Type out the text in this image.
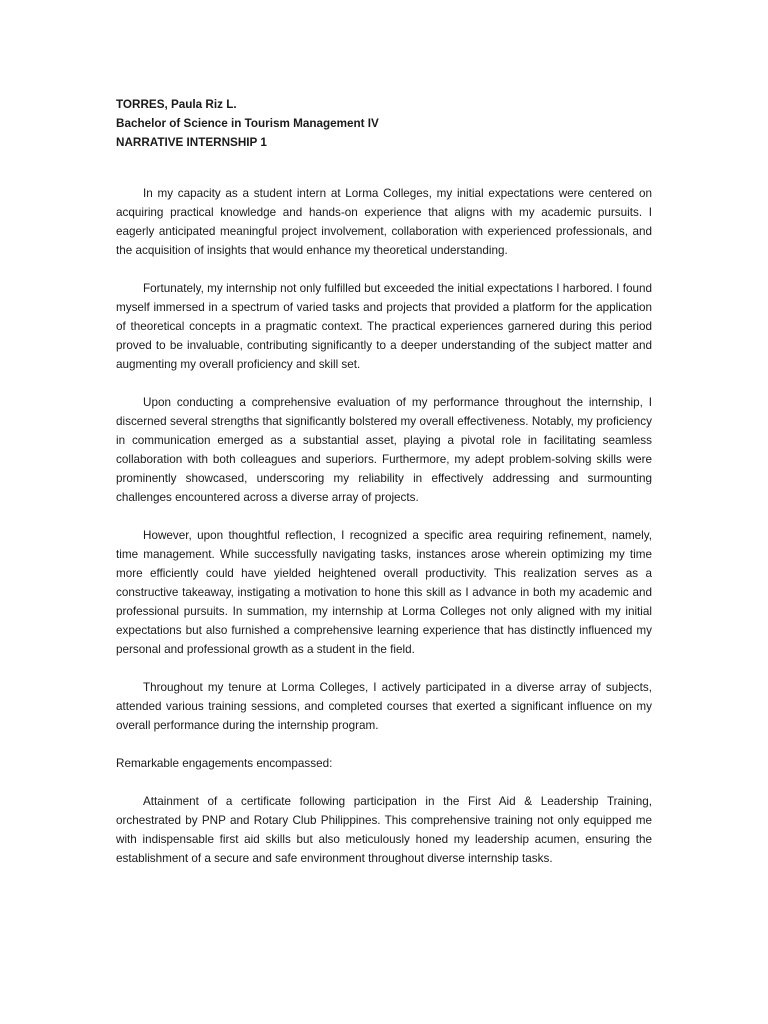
TORRES, Paula Riz L.

Bachelor of Science in Tourism Management IV

NARRATIVE INTERNSHIP 1

In my capacity as a student intern at Lorma Colleges, my initial expectations were centered on acquiring practical knowledge and hands-on experience that aligns with my academic pursuits. I eagerly anticipated meaningful project involvement, collaboration with experienced professionals, and the acquisition of insights that would enhance my theoretical understanding.

Fortunately, my internship not only fulfilled but exceeded the initial expectations I harbored. I found myself immersed in a spectrum of varied tasks and projects that provided a platform for the application of theoretical concepts in a pragmatic context. The practical experiences garnered during this period proved to be invaluable, contributing significantly to a deeper understanding of the subject matter and augmenting my overall proficiency and skill set.

Upon conducting a comprehensive evaluation of my performance throughout the internship, I discerned several strengths that significantly bolstered my overall effectiveness. Notably, my proficiency in communication emerged as a substantial asset, playing a pivotal role in facilitating seamless collaboration with both colleagues and superiors. Furthermore, my adept problem-solving skills were prominently showcased, underscoring my reliability in effectively addressing and surmounting challenges encountered across a diverse array of projects.

However, upon thoughtful reflection, I recognized a specific area requiring refinement, namely, time management. While successfully navigating tasks, instances arose wherein optimizing my time more efficiently could have yielded heightened overall productivity. This realization serves as a constructive takeaway, instigating a motivation to hone this skill as I advance in both my academic and professional pursuits. In summation, my internship at Lorma Colleges not only aligned with my initial expectations but also furnished a comprehensive learning experience that has distinctly influenced my personal and professional growth as a student in the field.

Throughout my tenure at Lorma Colleges, I actively participated in a diverse array of subjects, attended various training sessions, and completed courses that exerted a significant influence on my overall performance during the internship program.

Remarkable engagements encompassed:

Attainment of a certificate following participation in the First Aid & Leadership Training, orchestrated by PNP and Rotary Club Philippines. This comprehensive training not only equipped me with indispensable first aid skills but also meticulously honed my leadership acumen, ensuring the establishment of a secure and safe environment throughout diverse internship tasks.
